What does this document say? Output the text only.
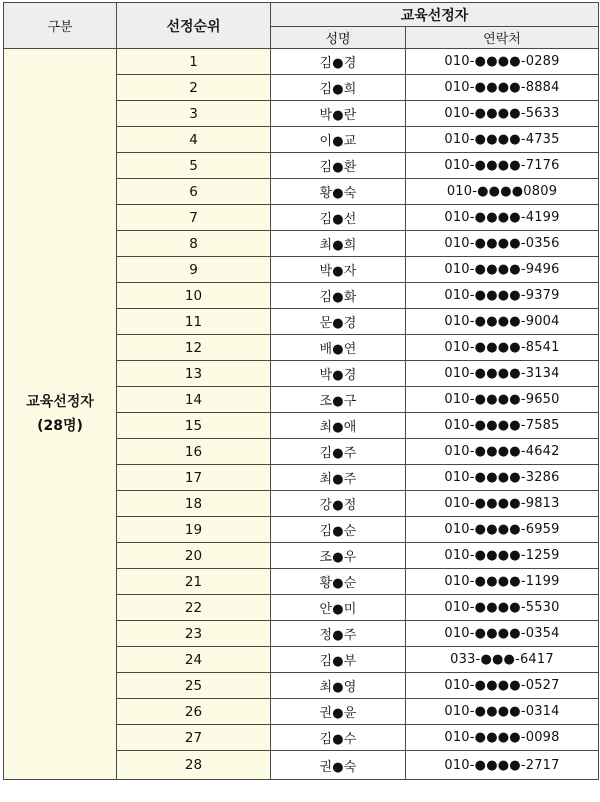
구분	선정순위	교육선정자	
		성명	연락처

교육선정자
(28명)	1	김●경	010-●●●●-0289
	2	김●희	010-●●●●-8884
	3	박●란	010-●●●●-5633
	4	이●교	010-●●●●-4735
	5	김●환	010-●●●●-7176
	6	황●숙	010-●●●●0809
	7	김●선	010-●●●●-4199
	8	최●희	010-●●●●-0356
	9	박●자	010-●●●●-9496
	10	김●화	010-●●●●-9379
	11	문●경	010-●●●●-9004
	12	배●연	010-●●●●-8541
	13	박●경	010-●●●●-3134
	14	조●구	010-●●●●-9650
	15	최●애	010-●●●●-7585
	16	김●주	010-●●●●-4642
	17	최●주	010-●●●●-3286
	18	강●정	010-●●●●-9813
	19	김●순	010-●●●●-6959
	20	조●우	010-●●●●-1259
	21	황●순	010-●●●●-1199
	22	안●미	010-●●●●-5530
	23	정●주	010-●●●●-0354
	24	김●부	033-●●●-6417
	25	최●영	010-●●●●-0527
	26	권●윤	010-●●●●-0314
	27	김●수	010-●●●●-0098
	28	권●숙	010-●●●●-2717
